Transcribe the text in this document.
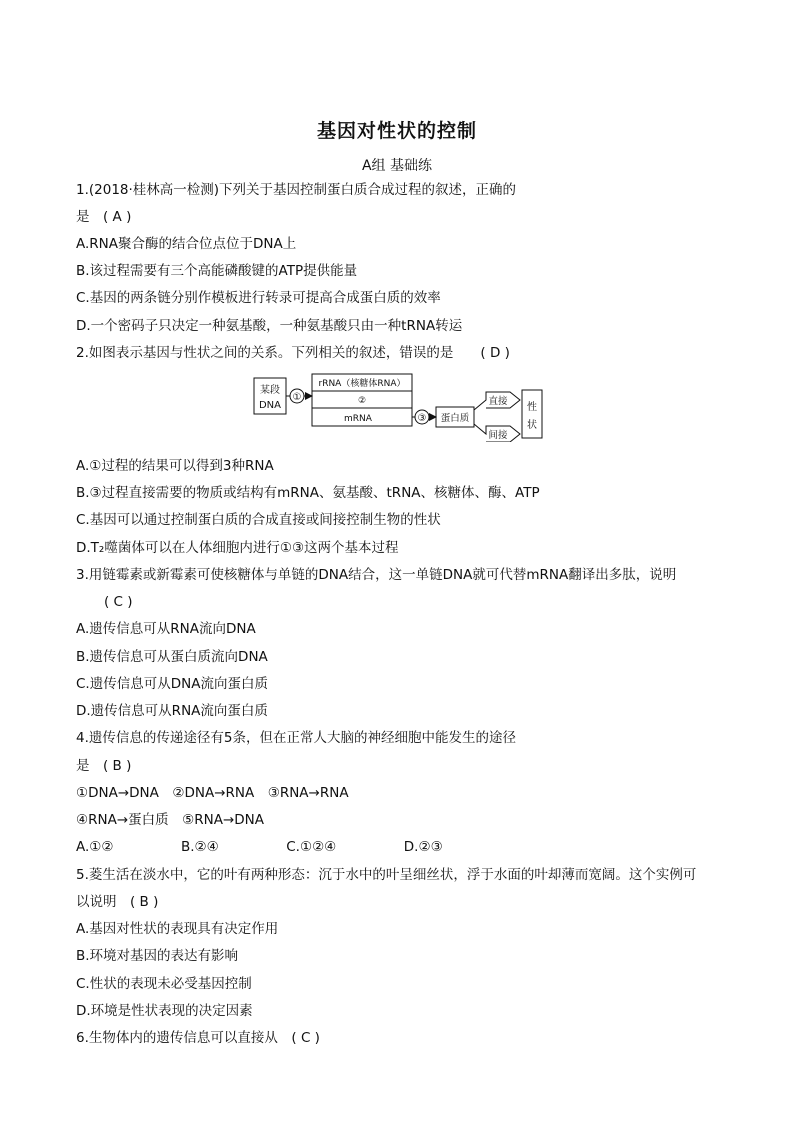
基因对性状的控制
A组 基础练
1.(2018·桂林高一检测)下列关于基因控制蛋白质合成过程的叙述，正确的
是　( A )
A.RNA聚合酶的结合位点位于DNA上
B.该过程需要有三个高能磷酸键的ATP提供能量
C.基因的两条链分别作模板进行转录可提高合成蛋白质的效率
D.一个密码子只决定一种氨基酸，一种氨基酸只由一种tRNA转运
2.如图表示基因与性状之间的关系。下列相关的叙述，错误的是　　( D )
某段
DNA
①
rRNA（核糖体RNA）
②
mRNA	③ 蛋白质
直接
间接
性
状
A.①过程的结果可以得到3种RNA
B.③过程直接需要的物质或结构有mRNA、氨基酸、tRNA、核糖体、酶、ATP
C.基因可以通过控制蛋白质的合成直接或间接控制生物的性状
D.T₂噬菌体可以在人体细胞内进行①③这两个基本过程
3.用链霉素或新霉素可使核糖体与单链的DNA结合，这一单链DNA就可代替mRNA翻译出多肽，说明
( C )
A.遗传信息可从RNA流向DNA
B.遗传信息可从蛋白质流向DNA
C.遗传信息可从DNA流向蛋白质
D.遗传信息可从RNA流向蛋白质
4.遗传信息的传递途径有5条，但在正常人大脑的神经细胞中能发生的途径
是　( B )
①DNA→DNA　②DNA→RNA　③RNA→RNA
④RNA→蛋白质　⑤RNA→DNA
A.①②　　　　　B.②④　　　　　C.①②④　　　　　D.②③
5.菱生活在淡水中，它的叶有两种形态：沉于水中的叶呈细丝状，浮于水面的叶却薄而宽阔。这个实例可
以说明　( B )
A.基因对性状的表现具有决定作用
B.环境对基因的表达有影响
C.性状的表现未必受基因控制
D.环境是性状表现的决定因素
6.生物体内的遗传信息可以直接从　( C )
